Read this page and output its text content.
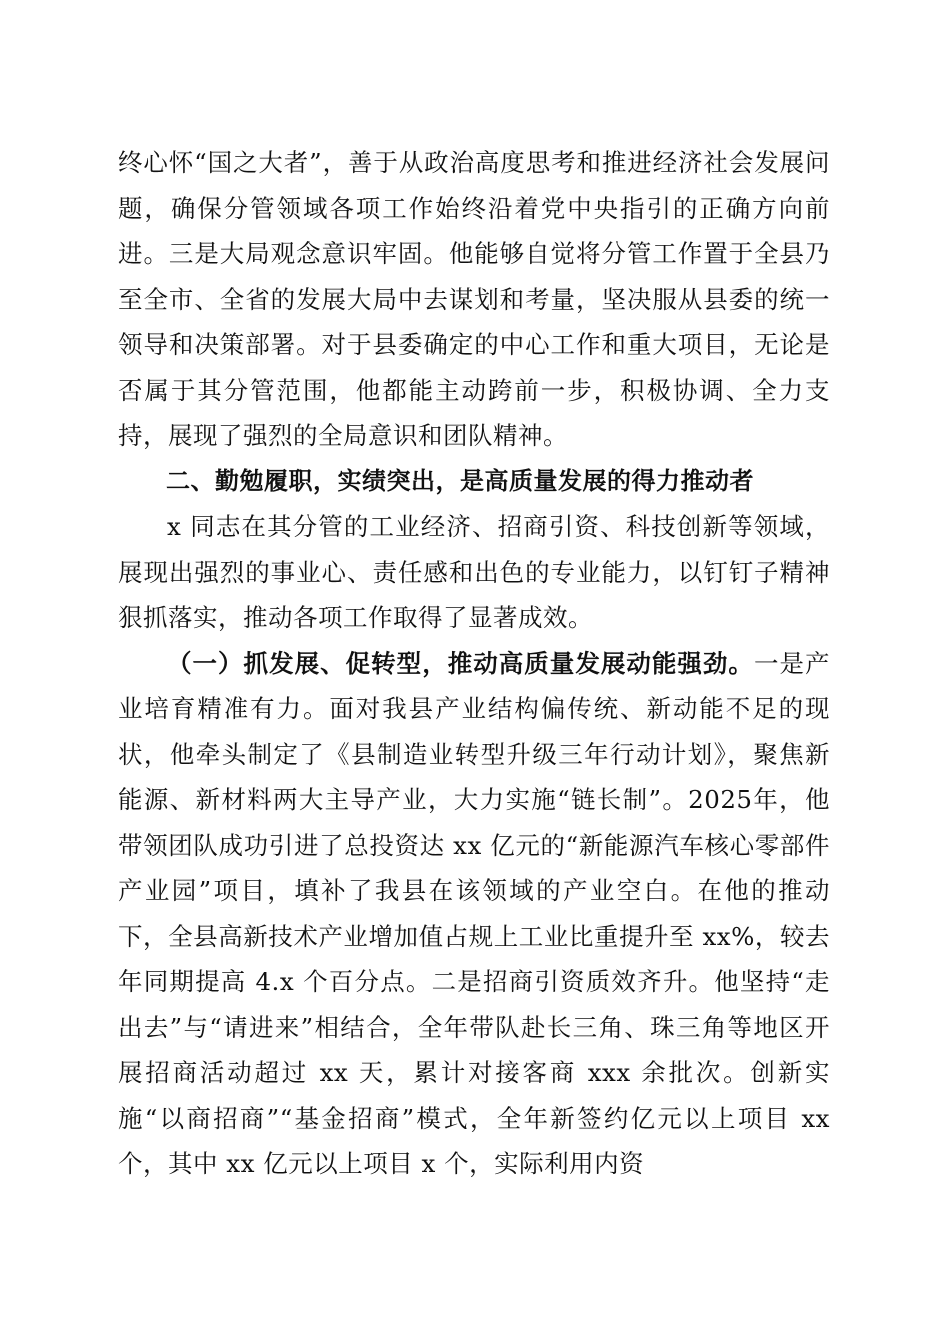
终心怀“国之大者”，善于从政治高度思考和推进经济社会发展问题，确保分管领域各项工作始终沿着党中央指引的正确方向前进。三是大局观念意识牢固。他能够自觉将分管工作置于全县乃至全市、全省的发展大局中去谋划和考量，坚决服从县委的统一领导和决策部署。对于县委确定的中心工作和重大项目，无论是否属于其分管范围，他都能主动跨前一步，积极协调、全力支持，展现了强烈的全局意识和团队精神。

二、勤勉履职，实绩突出，是高质量发展的得力推动者

x 同志在其分管的工业经济、招商引资、科技创新等领域，展现出强烈的事业心、责任感和出色的专业能力，以钉钉子精神狠抓落实，推动各项工作取得了显著成效。

（一）抓发展、促转型，推动高质量发展动能强劲。一是产业培育精准有力。面对我县产业结构偏传统、新动能不足的现状，他牵头制定了《县制造业转型升级三年行动计划》，聚焦新能源、新材料两大主导产业，大力实施“链长制”。2025年，他带领团队成功引进了总投资达 xx 亿元的“新能源汽车核心零部件产业园”项目，填补了我县在该领域的产业空白。在他的推动下，全县高新技术产业增加值占规上工业比重提升至 xx%，较去年同期提高 4.x 个百分点。二是招商引资质效齐升。他坚持“走出去”与“请进来”相结合，全年带队赴长三角、珠三角等地区开展招商活动超过 xx 天，累计对接客商 xxx 余批次。创新实施“以商招商”“基金招商”模式，全年新签约亿元以上项目 xx 个，其中 xx 亿元以上项目 x 个，实际利用内资
